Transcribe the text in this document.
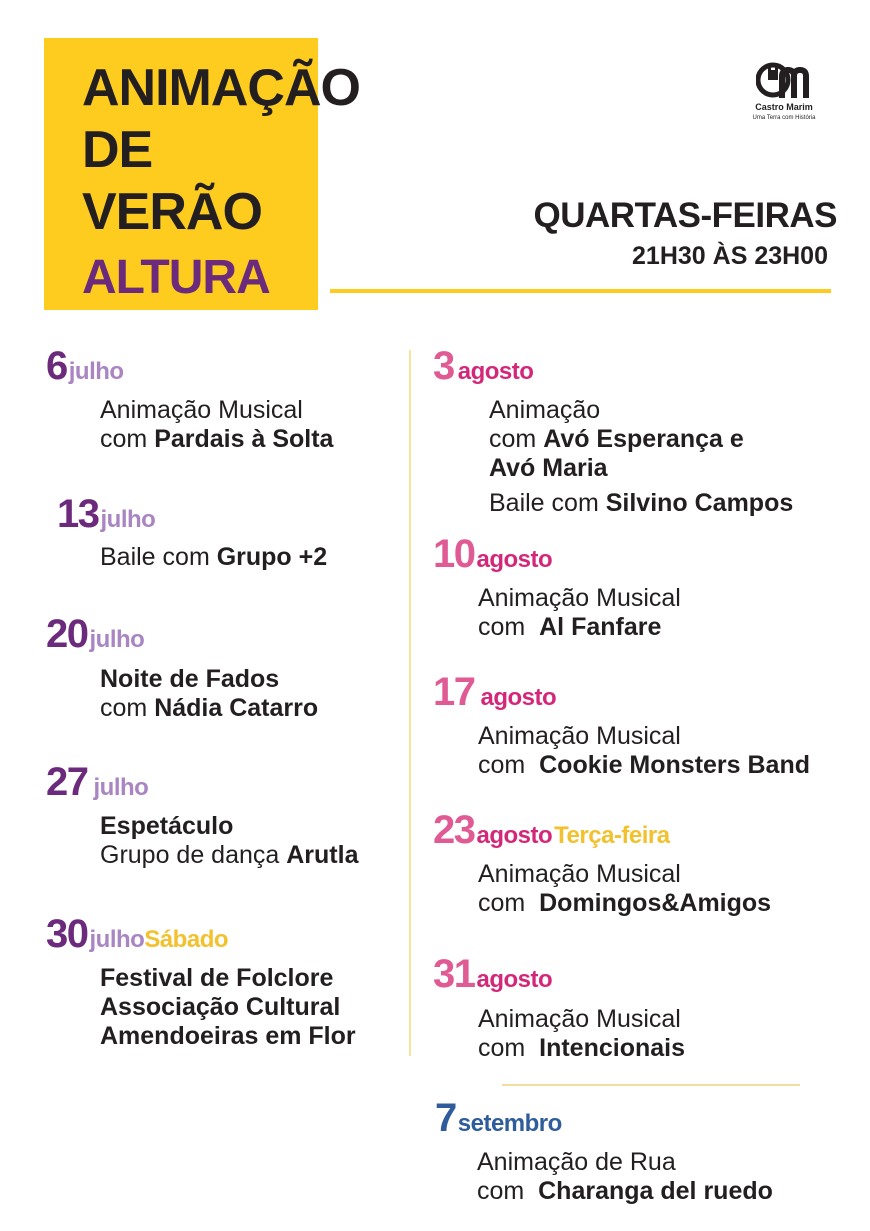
ANIMAÇÃO
DE
VERÃO
ALTURA
Castro Marim
Uma Terra com História
QUARTAS-FEIRAS
21H30 ÀS 23H00
6julho
Animação Musical
com Pardais à Solta
13julho
Baile com Grupo +2
20julho
Noite de Fados
com Nádia Catarro
27 julho
Espetáculo
Grupo de dança Arutla
30julhoSábado
Festival de Folclore
Associação Cultural
Amendoeiras em Flor
3 agosto
Animação
com Avó Esperança e
Avó Maria
Baile com Silvino Campos
10agosto
Animação Musical
com  Al Fanfare
17 agosto
Animação Musical
com  Cookie Monsters Band
23agostoTerça-feira
Animação Musical
com  Domingos&Amigos
31agosto
Animação Musical
com  Intencionais
7setembro
Animação de Rua
com  Charanga del ruedo
